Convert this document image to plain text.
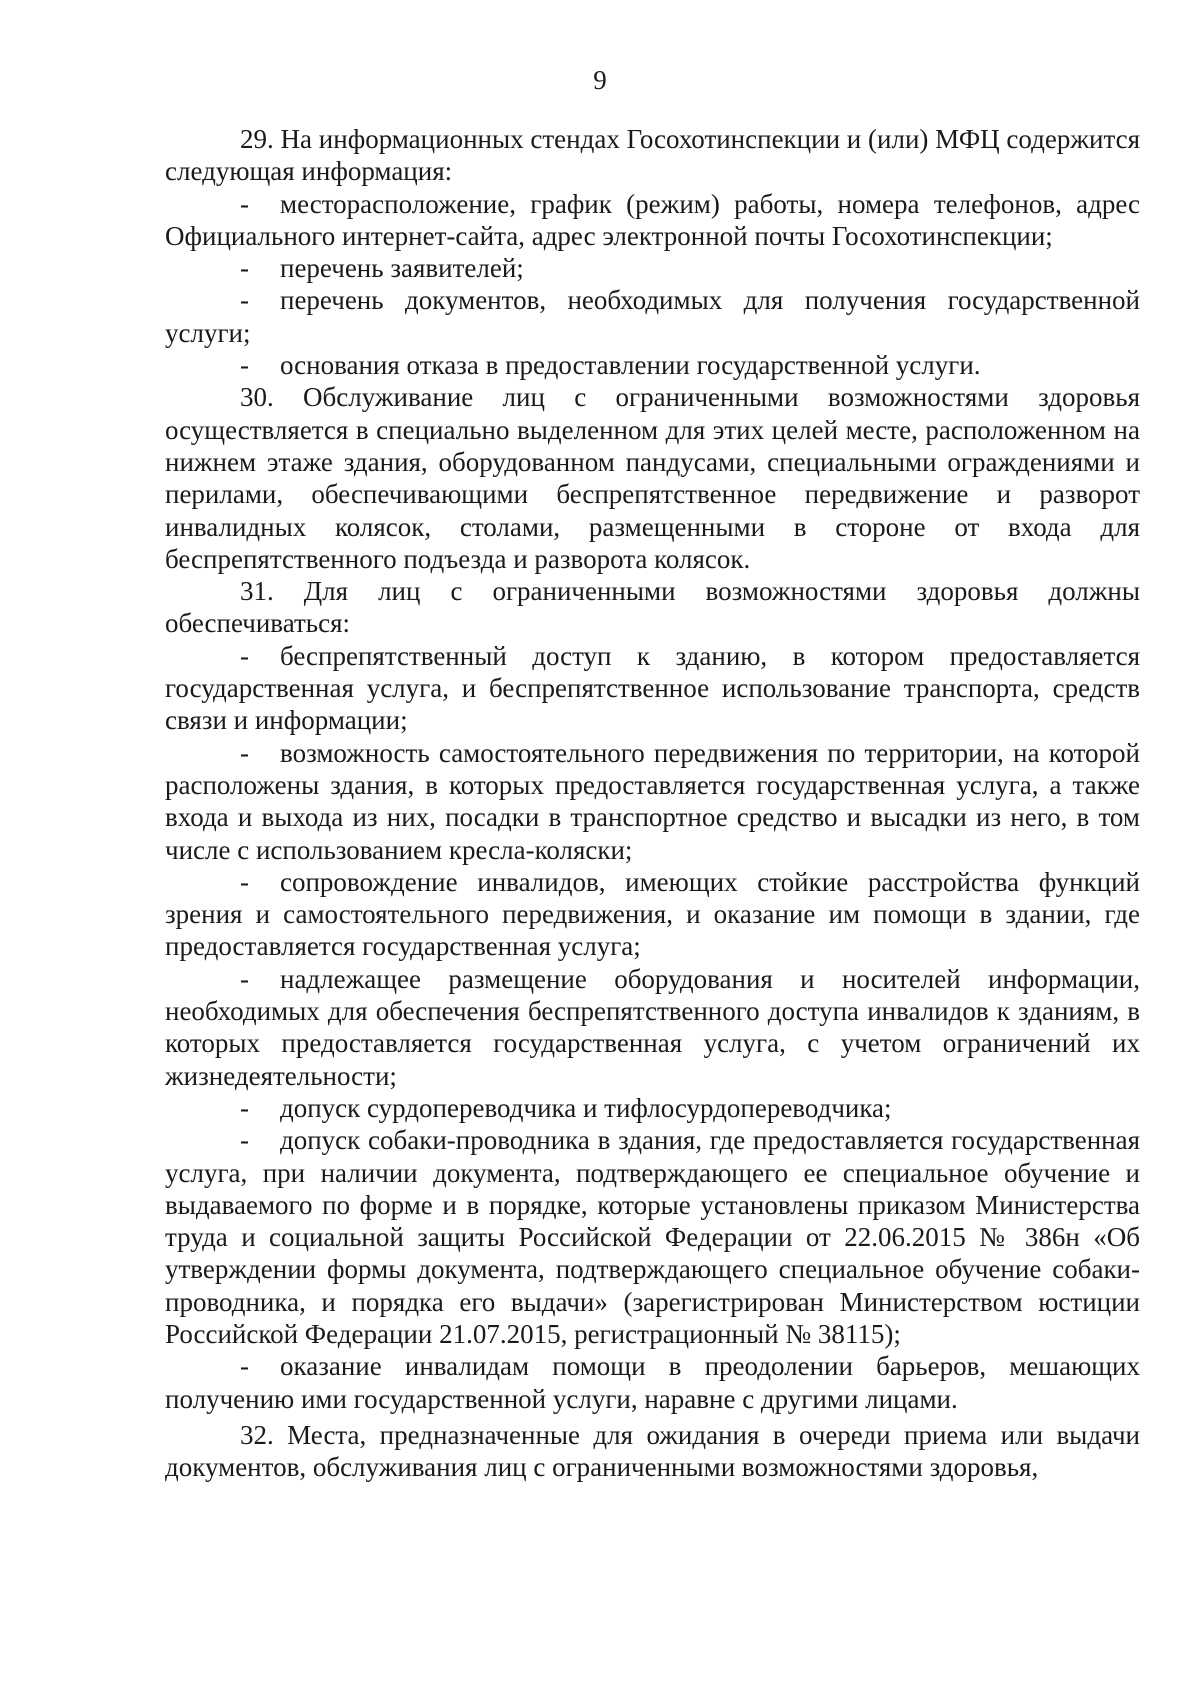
9

29. На информационных стендах Госохотинспекции и (или) МФЦ содержится следующая информация:

- месторасположение, график (режим) работы, номера телефонов, адрес Официального интернет-сайта, адрес электронной почты Госохотинспекции;

- перечень заявителей;

- перечень документов, необходимых для получения государственной услуги;

- основания отказа в предоставлении государственной услуги.

30. Обслуживание лиц с ограниченными возможностями здоровья осуществляется в специально выделенном для этих целей месте, расположенном на нижнем этаже здания, оборудованном пандусами, специальными ограждениями и перилами, обеспечивающими беспрепятственное передвижение и разворот инвалидных колясок, столами, размещенными в стороне от входа для беспрепятственного подъезда и разворота колясок.

31. Для лиц с ограниченными возможностями здоровья должны обеспечиваться:

- беспрепятственный доступ к зданию, в котором предоставляется государственная услуга, и беспрепятственное использование транспорта, средств связи и информации;

- возможность самостоятельного передвижения по территории, на которой расположены здания, в которых предоставляется государственная услуга, а также входа и выхода из них, посадки в транспортное средство и высадки из него, в том числе с использованием кресла-коляски;

- сопровождение инвалидов, имеющих стойкие расстройства функций зрения и самостоятельного передвижения, и оказание им помощи в здании, где предоставляется государственная услуга;

- надлежащее размещение оборудования и носителей информации, необходимых для обеспечения беспрепятственного доступа инвалидов к зданиям, в которых предоставляется государственная услуга, с учетом ограничений их жизнедеятельности;

- допуск сурдопереводчика и тифлосурдопереводчика;

- допуск собаки-проводника в здания, где предоставляется государственная услуга, при наличии документа, подтверждающего ее специальное обучение и выдаваемого по форме и в порядке, которые установлены приказом Министерства труда и социальной защиты Российской Федерации от 22.06.2015 № 386н «Об утверждении формы документа, подтверждающего специальное обучение собаки-проводника, и порядка его выдачи» (зарегистрирован Министерством юстиции Российской Федерации 21.07.2015, регистрационный № 38115);

- оказание инвалидам помощи в преодолении барьеров, мешающих получению ими государственной услуги, наравне с другими лицами.

32. Места, предназначенные для ожидания в очереди приема или выдачи документов, обслуживания лиц с ограниченными возможностями здоровья,
